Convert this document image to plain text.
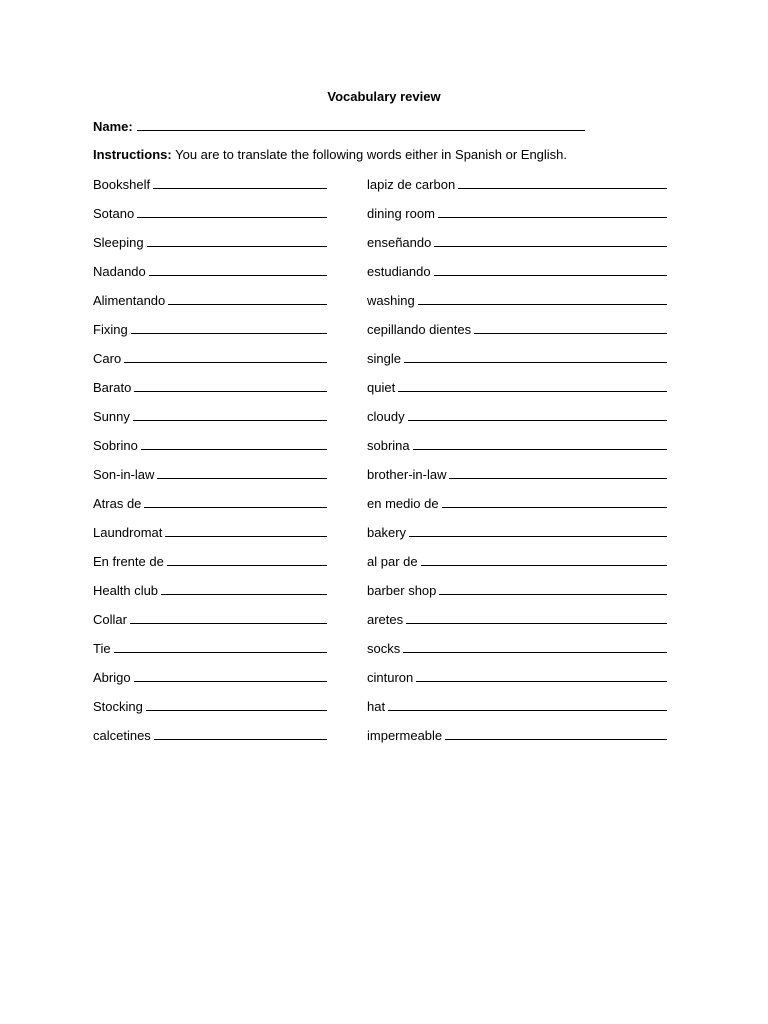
Vocabulary review
Name:
Instructions: You are to translate the following words either in Spanish or English.
Bookshelf
Sotano
Sleeping
Nadando
Alimentando
Fixing
Caro
Barato
Sunny
Sobrino
Son-in-law
Atras de
Laundromat
En frente de
Health club
Collar
Tie
Abrigo
Stocking
calcetines
lapiz de carbon
dining room
enseñando
estudiando
washing
cepillando dientes
single
quiet
cloudy
sobrina
brother-in-law
en medio de
bakery
al par de
barber shop
aretes
socks
cinturon
hat
impermeable
